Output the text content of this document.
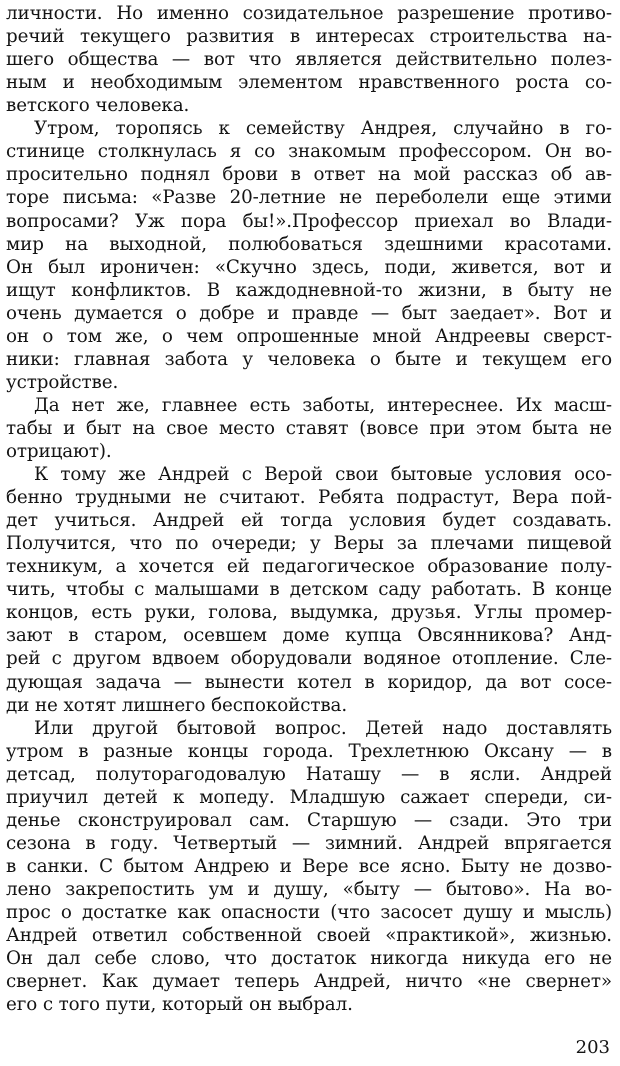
личности. Но именно созидательное разрешение противо-
речий текущего развития в интересах строительства на-
шего общества — вот что является действительно полез-
ным и необходимым элементом нравственного роста со-
ветского человека.
Утром, торопясь к семейству Андрея, случайно в го-
стинице столкнулась я со знакомым профессором. Он во-
просительно поднял брови в ответ на мой рассказ об ав-
торе письма: «Разве 20-летние не переболели еще этими
вопросами? Уж пора бы!».Профессор приехал во Влади-
мир на выходной, полюбоваться здешними красотами.
Он был ироничен: «Скучно здесь, поди, живется, вот и
ищут конфликтов. В каждодневной-то жизни, в быту не
очень думается о добре и правде — быт заедает». Вот и
он о том же, о чем опрошенные мной Андреевы сверст-
ники: главная забота у человека о быте и текущем его
устройстве.
Да нет же, главнее есть заботы, интереснее. Их масш-
табы и быт на свое место ставят (вовсе при этом быта не
отрицают).
К тому же Андрей с Верой свои бытовые условия осо-
бенно трудными не считают. Ребята подрастут, Вера пой-
дет учиться. Андрей ей тогда условия будет создавать.
Получится, что по очереди; у Веры за плечами пищевой
техникум, а хочется ей педагогическое образование полу-
чить, чтобы с малышами в детском саду работать. В конце
концов, есть руки, голова, выдумка, друзья. Углы промер-
зают в старом, осевшем доме купца Овсянникова? Анд-
рей с другом вдвоем оборудовали водяное отопление. Сле-
дующая задача — вынести котел в коридор, да вот сосе-
ди не хотят лишнего беспокойства.
Или другой бытовой вопрос. Детей надо доставлять
утром в разные концы города. Трехлетнюю Оксану — в
детсад, полуторагодовалую Наташу — в ясли. Андрей
приучил детей к мопеду. Младшую сажает спереди, си-
денье сконструировал сам. Старшую — сзади. Это три
сезона в году. Четвертый — зимний. Андрей впрягается
в санки. С бытом Андрею и Вере все ясно. Быту не дозво-
лено закрепостить ум и душу, «быту — бытово». На во-
прос о достатке как опасности (что засосет душу и мысль)
Андрей ответил собственной своей «практикой», жизнью.
Он дал себе слово, что достаток никогда никуда его не
свернет. Как думает теперь Андрей, ничто «не свернет»
его с того пути, который он выбрал.
203
